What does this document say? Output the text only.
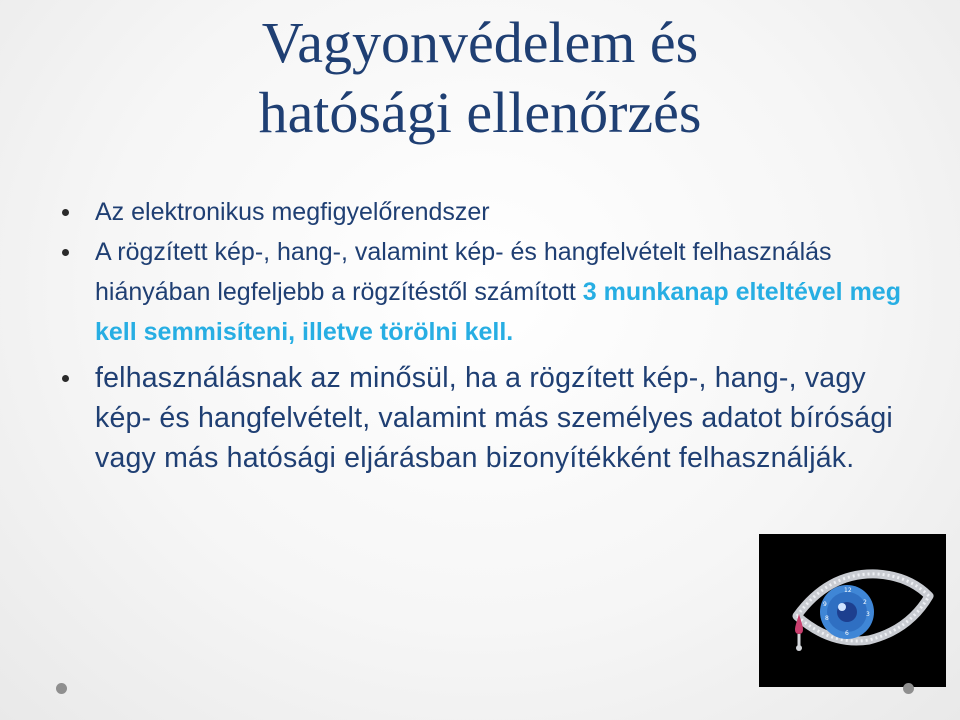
Vagyonvédelem és
hatósági ellenőrzés
Az elektronikus megfigyelőrendszer
A rögzített kép-, hang-, valamint kép- és hangfelvételt felhasználás hiányában legfeljebb a rögzítéstől számított 3 munkanap elteltével meg kell semmisíteni, illetve törölni kell.
felhasználásnak az minősül, ha a rögzített kép-, hang-, vagy kép- és hangfelvételt, valamint más személyes adatot bírósági vagy más hatósági eljárásban bizonyítékként felhasználják.
12
2
3
9
8
6
